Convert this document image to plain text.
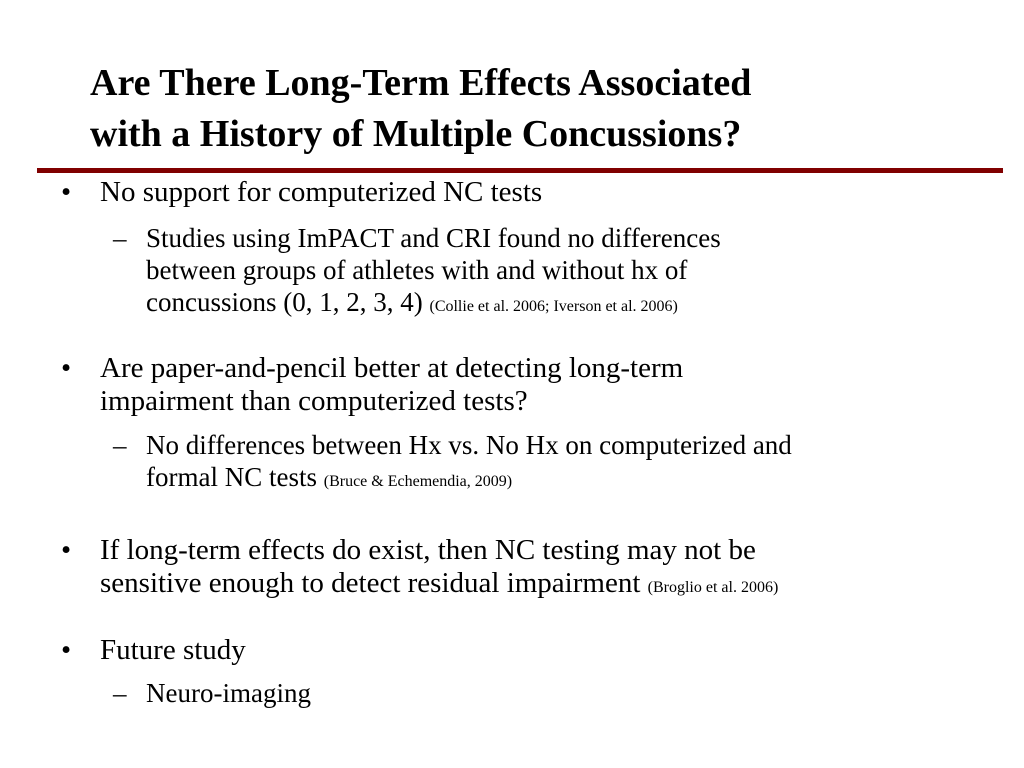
Are There Long-Term Effects Associated
with a History of Multiple Concussions?
• No support for computerized NC tests
– Studies using ImPACT and CRI found no differences
between groups of athletes with and without hx of
concussions (0, 1, 2, 3, 4) (Collie et al. 2006; Iverson et al. 2006)
• Are paper-and-pencil better at detecting long-term
impairment than computerized tests?
– No differences between Hx vs. No Hx on computerized and
formal NC tests (Bruce & Echemendia, 2009)
• If long-term effects do exist, then NC testing may not be
sensitive enough to detect residual impairment (Broglio et al. 2006)
• Future study
– Neuro-imaging
